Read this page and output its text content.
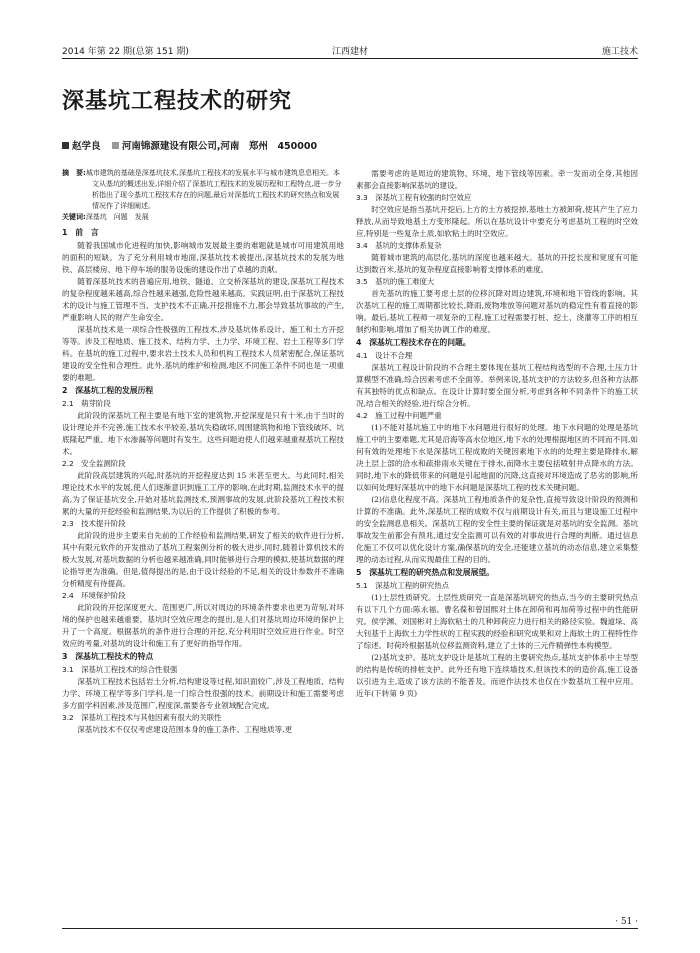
2014 年第 22 期(总第 151 期)	江西建材	施工技术
深基坑工程技术的研究
赵学良 河南锦源建设有限公司,河南　郑州　450000
摘　要:城市建筑的基础是深基坑技术,深基坑工程技术的发展水平与城市建筑息息相关。本文从基坑的概述出发,详细介绍了深基坑工程技术的发展历程和工程特点,进一步分析指出了现今基坑工程技术存在的问题,最后对深基坑工程技术的研究热点和发展情况作了详细阐述。
关键词:深基坑　问题　发展
1　前　言

随着我国城市化进程的加快,影响城市发展最主要的难题就是城市可用建筑用地的面积的短缺。为了充分利用城市地面,深基坑技术被提出,深基坑技术的发展为地铁、高层楼房、地下停车场的服务设施的建设作出了卓越的贡献。

随着深基坑技术的普遍应用,地铁、隧道、立交桥深基坑的建设,深基坑工程技术的复杂程度越来越高,综合性越来越强,危险性越来越高。实践证明,由于深基坑工程技术的设计与施工管理不当、支护技术不正确,开挖措施不力,都会导致基坑事故的产生,严重影响人民的财产生命安全。

深基坑技术是一项综合性极强的工程技术,涉及基坑体系设计、施工和土方开挖等等。涉及工程地质、施工技术、结构力学、土力学、环境工程、岩土工程等多门学科。在基坑的施工过程中,要求岩土技术人员和机构工程技术人员紧密配合,保证基坑建设的安全性和合理性。此外,基坑的维护和检测,地区不同施工条件不同也是一项重要的难题。

2　深基坑工程的发展历程
2.1　萌芽阶段

此阶段的深基坑工程主要是有地下室的建筑物,开挖深度是只有十米,由于当时的设计理论并不完善,施工技术水平较差,基坑失稳破坏,周围建筑物和地下管线破坏、坑底隆起严重、地下水渗漏等问题时有发生。这些问题迫使人们越来越重视基坑工程技术。

2.2　安全监测阶段

此阶段高层建筑的兴起,时基坑的开挖程度达到 15 米甚至更大。与此同时,相关理论技术水平的发展,使人们逐渐意识到施工工序的影响,在此时期,监测技术水平的提高,为了保证基坑安全,开始对基坑监测技术,预测事故的发展,此阶段基坑工程技术积累的大量的开挖经验和监测结果,为以后的工作提供了积极的参考。

2.3　技术提升阶段

此阶段的进步主要来自先前的工作经验和监测结果,研发了相关的软件进行分析,其中有限元软件的开发推动了基坑工程案例分析的极大进步,同时,随着计算机技术的极大发展,对基坑数据的分析也越来越准确,同时能够进行合理的模拟,使基坑数据的理论指导更为准确。但是,值得提出的是,由于设计经验的不足,相关的设计参数并不准确分析精度有待提高。

2.4　环境保护阶段

此阶段的开挖深度更大、范围更广,所以对周边的环境条件要求也更为苛刻,对环境的保护也越来越重要。基坑时空效应理念的提出,是人们对基坑周边环境的保护上升了一个高度。根据基坑的条件进行合理的开挖,充分利用时空效应进行作业。时空效应的考量,对基坑的设计和施工有了更好的指导作用。

3　深基坑工程技术的特点
3.1　深基坑工程技术的综合性很强

深基坑工程技术包括岩土分析,结构建设等过程,知识面较广,涉及工程地质、结构力学、环境工程学等多门学科,是一门综合性很强的技术。前期设计和施工需要考虑多方面学科因素,涉及范围广,程度深,需要各专业领域配合完成。

3.2　深基坑工程技术与其他因素有很大的关联性

深基坑技术不仅仅考虑建设范围本身的施工条件、工程地质等,更

需要考虑的是周边的建筑物、环境、地下管线等因素。牵一发而动全身,其他因素都会直接影响深基坑的建设。

3.3　深基坑工程有较强的时空效应

时空效应是指当基坑开挖后,上方的土方被挖掉,基地土方被卸荷,使其产生了应力释放,从而导致地基土方变形隆起。所以在基坑设计中要充分考虑基坑工程的时空效应,特别是一些复杂土质,如软粘土的时空效应。

3.4　基坑的支撑体系复杂

随着城市建筑的高层化,基坑的深度也越来越大。基坑的开挖长度和宽度有可能达到数百米,基坑的复杂程度直接影响着支撑体系的难度。

3.5　基坑的施工难度大

首先基坑的施工要考虑土层的位移沉降对周边建筑,环境和地下管线的影响。其次基坑工程的施工周期都比较长,降雨,废物堆放等问题对基坑的稳定性有着直接的影响。最后,基坑工程师一项复杂的工程,施工过程需要打桩、挖土、浇灌等工序的相互制约和影响,增加了相关协调工作的难度。

4　深基坑工程技术存在的问题。
4.1　设计不合理

深基坑工程设计阶段的不合理主要体现在基坑工程结构选型的不合理,土压力计算模型不准确,综合因素考虑不全面等。举例来说,基坑支护的方法较多,但各种方法都有其独特的优点和缺点。在设计计算时要全面分析,考虑到各种不同条件下的施工状况,结合相关的经验,进行综合分析。

4.2　施工过程中问题严重

(1)不能对基坑施工中的地下水问题进行很好的处理。地下水问题的处理是基坑施工中的主要难题,尤其是沿海等高水位地区,地下水的处理根据地区的不同而不同,如何有效的处理地下水是深基坑工程成败的关键因素地下水的的处理主要是降排水,解决土层上部的洽水和疏排雨水关键在于排水,而降水主要包括喷射井点降水的方法。同时,地下水的降低带来的问题是引起地面的沉降,这直接对环境造成了恶劣的影响,所以如何处理好深基坑中的地下水问题是深基坑工程的技术关键问题。

(2)信息化程度不高。深基坑工程地质条件的复杂性,直接导致设计阶段的预测和计算的不准确。此外,深基坑工程的成败不仅与前期设计有关,而且与建设施工过程中的安全监测息息相关。深基坑工程的安全性主要的保证就是对基坑的安全监测。基坑事故发生前都会有预兆,通过安全监测可以有效的对事故进行合理的判断。通过信息化施工不仅可以优化设计方案,确保基坑的安全,还能建立基坑的动态信息,建立采集整理的动态过程,从而实现最佳工程的目的。

5　深基坑工程的研究热点和发展展望。
5.1　深基坑工程的研究热点

(1)土层性质研究。土层性质研究一直是深基坑研究的热点,当今的主要研究热点有以下几个方面:陈永福、曹名葆和曾国熙对土体在卸荷和再加荷等过程中的性能研究。侯学渊、刘国彬对上海软粘土的几种卸荷应力进行相关的路径实验。魏道垛、高大钊基于上海软土力学性状的工程实践的经验和研究成果和对上海软土的工程特性作了综述。时荷玲根据基坑位移监测资料,建立了土体的三元件精弹性本构模型。

(2)基坑支护。基坑支护设计是基坑工程的主要研究热点,基坑支护体系中主导型的结构是传统的排桩支护。此外还有地下连续墙技术,但该技术的的造价高,施工设备以引进为主,造成了该方法的不能普及。而逆作法技术也仅在少数基坑工程中应用。近年(下转第 9 页)

· 51 ·
